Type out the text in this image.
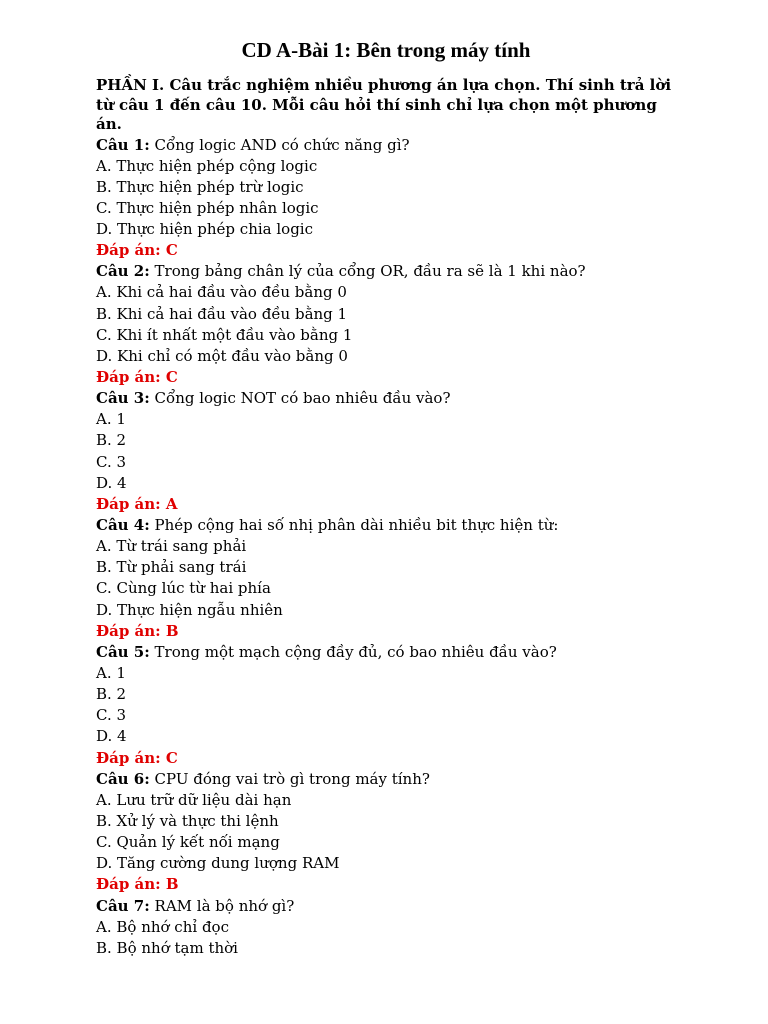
CD A-Bài 1: Bên trong máy tính

PHẦN I. Câu trắc nghiệm nhiều phương án lựa chọn. Thí sinh trả lời từ câu 1 đến câu 10. Mỗi câu hỏi thí sinh chỉ lựa chọn một phương án.

Câu 1: Cổng logic AND có chức năng gì?
A. Thực hiện phép cộng logic
B. Thực hiện phép trừ logic
C. Thực hiện phép nhân logic
D. Thực hiện phép chia logic
Đáp án: C
Câu 2: Trong bảng chân lý của cổng OR, đầu ra sẽ là 1 khi nào?
A. Khi cả hai đầu vào đều bằng 0
B. Khi cả hai đầu vào đều bằng 1
C. Khi ít nhất một đầu vào bằng 1
D. Khi chỉ có một đầu vào bằng 0
Đáp án: C
Câu 3: Cổng logic NOT có bao nhiêu đầu vào?
A. 1
B. 2
C. 3
D. 4
Đáp án: A
Câu 4: Phép cộng hai số nhị phân dài nhiều bit thực hiện từ:
A. Từ trái sang phải
B. Từ phải sang trái
C. Cùng lúc từ hai phía
D. Thực hiện ngẫu nhiên
Đáp án: B
Câu 5: Trong một mạch cộng đầy đủ, có bao nhiêu đầu vào?
A. 1
B. 2
C. 3
D. 4
Đáp án: C
Câu 6: CPU đóng vai trò gì trong máy tính?
A. Lưu trữ dữ liệu dài hạn
B. Xử lý và thực thi lệnh
C. Quản lý kết nối mạng
D. Tăng cường dung lượng RAM
Đáp án: B
Câu 7: RAM là bộ nhớ gì?
A. Bộ nhớ chỉ đọc
B. Bộ nhớ tạm thời
